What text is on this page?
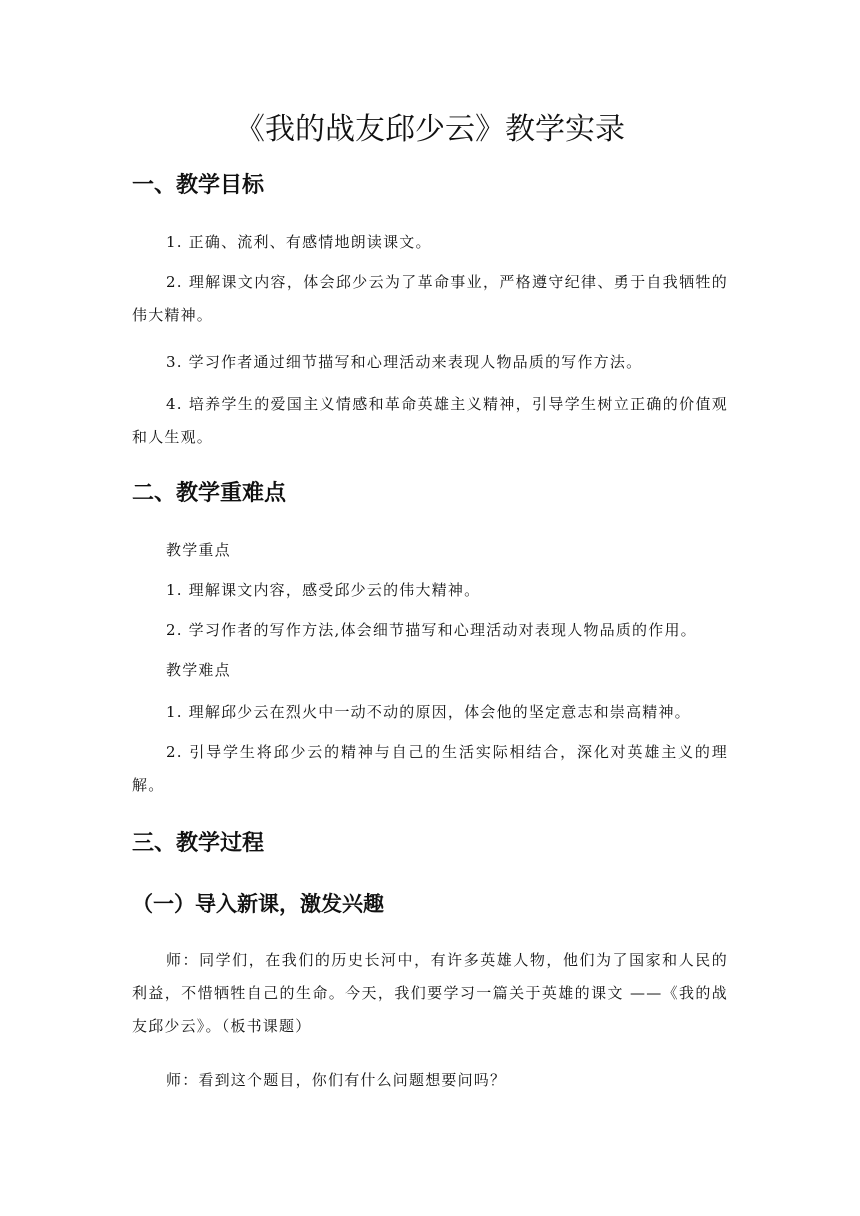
《我的战友邱少云》教学实录
一、教学目标
1. 正确、流利、有感情地朗读课文。
2. 理解课文内容，体会邱少云为了革命事业，严格遵守纪律、勇于自我牺牲的伟大精神。
3. 学习作者通过细节描写和心理活动来表现人物品质的写作方法。
4. 培养学生的爱国主义情感和革命英雄主义精神，引导学生树立正确的价值观和人生观。
二、教学重难点
教学重点
1. 理解课文内容，感受邱少云的伟大精神。
2. 学习作者的写作方法,体会细节描写和心理活动对表现人物品质的作用。
教学难点
1. 理解邱少云在烈火中一动不动的原因，体会他的坚定意志和崇高精神。
2. 引导学生将邱少云的精神与自己的生活实际相结合，深化对英雄主义的理解。
三、教学过程
（一）导入新课，激发兴趣
师：同学们，在我们的历史长河中，有许多英雄人物，他们为了国家和人民的利益，不惜牺牲自己的生命。今天，我们要学习一篇关于英雄的课文 ——《我的战友邱少云》。（板书课题）
师：看到这个题目，你们有什么问题想要问吗？
